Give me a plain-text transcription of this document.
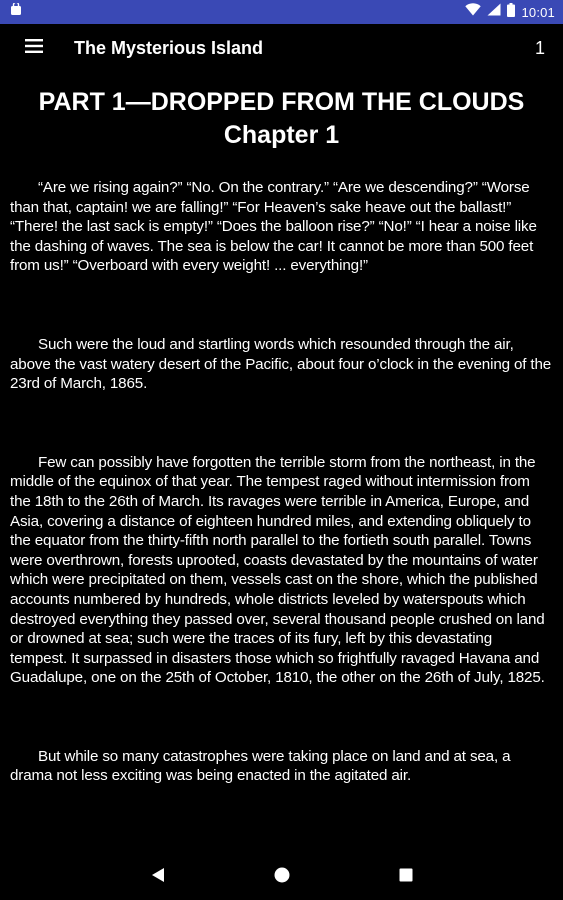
10:01
The Mysterious Island	1
PART 1—DROPPED FROM THE CLOUDS
Chapter 1

“Are we rising again?” “No. On the contrary.” “Are we descending?” “Worse than that, captain! we are falling!” “For Heaven’s sake heave out the ballast!” “There! the last sack is empty!” “Does the balloon rise?” “No!” “I hear a noise like the dashing of waves. The sea is below the car! It cannot be more than 500 feet from us!” “Overboard with every weight! ... everything!”

Such were the loud and startling words which resounded through the air, above the vast watery desert of the Pacific, about four o’clock in the evening of the 23rd of March, 1865.

Few can possibly have forgotten the terrible storm from the northeast, in the middle of the equinox of that year. The tempest raged without intermission from the 18th to the 26th of March. Its ravages were terrible in America, Europe, and Asia, covering a distance of eighteen hundred miles, and extending obliquely to the equator from the thirty-fifth north parallel to the fortieth south parallel. Towns were overthrown, forests uprooted, coasts devastated by the mountains of water which were precipitated on them, vessels cast on the shore, which the published accounts numbered by hundreds, whole districts leveled by waterspouts which destroyed everything they passed over, several thousand people crushed on land or drowned at sea; such were the traces of its fury, left by this devastating tempest. It surpassed in disasters those which so frightfully ravaged Havana and Guadalupe, one on the 25th of October, 1810, the other on the 26th of July, 1825.

But while so many catastrophes were taking place on land and at sea, a drama not less exciting was being enacted in the agitated air.
